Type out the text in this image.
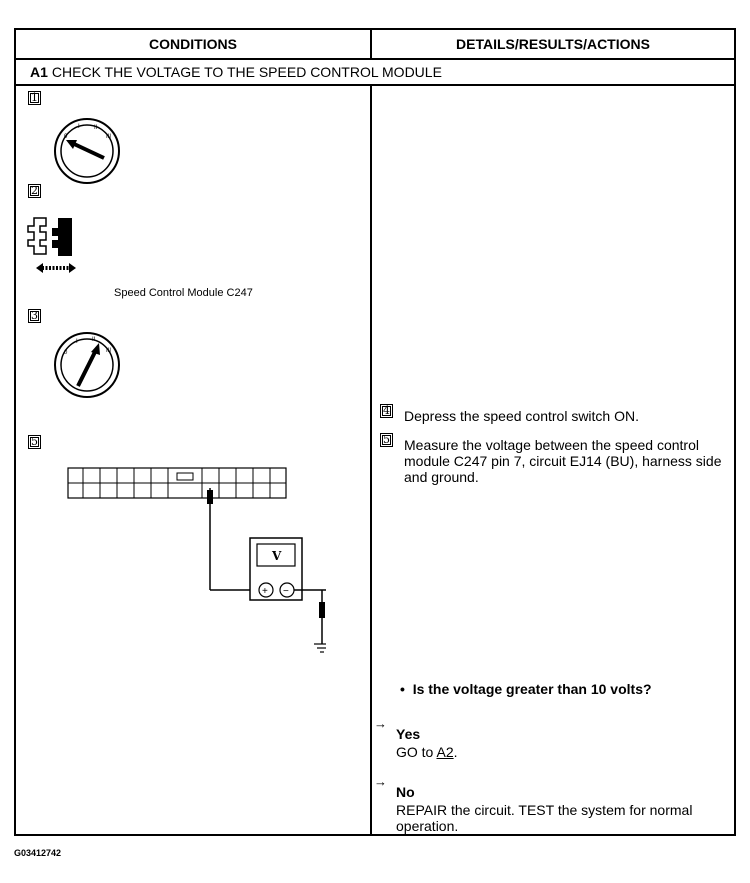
CONDITIONS	DETAILS/RESULTS/ACTIONS
A1 CHECK THE VOLTAGE TO THE SPEED CONTROL MODULE
1
0
I II
III
2
Speed Control Module C247
3
0
I II
III
5
V
+ −
4 Depress the speed control switch ON.
5 Measure the voltage between the speed control module C247 pin 7, circuit EJ14 (BU), harness side and ground.
•  Is the voltage greater than 10 volts?
→
Yes
GO to A2.
→
No
REPAIR the circuit. TEST the system for normal operation.
G03412742
